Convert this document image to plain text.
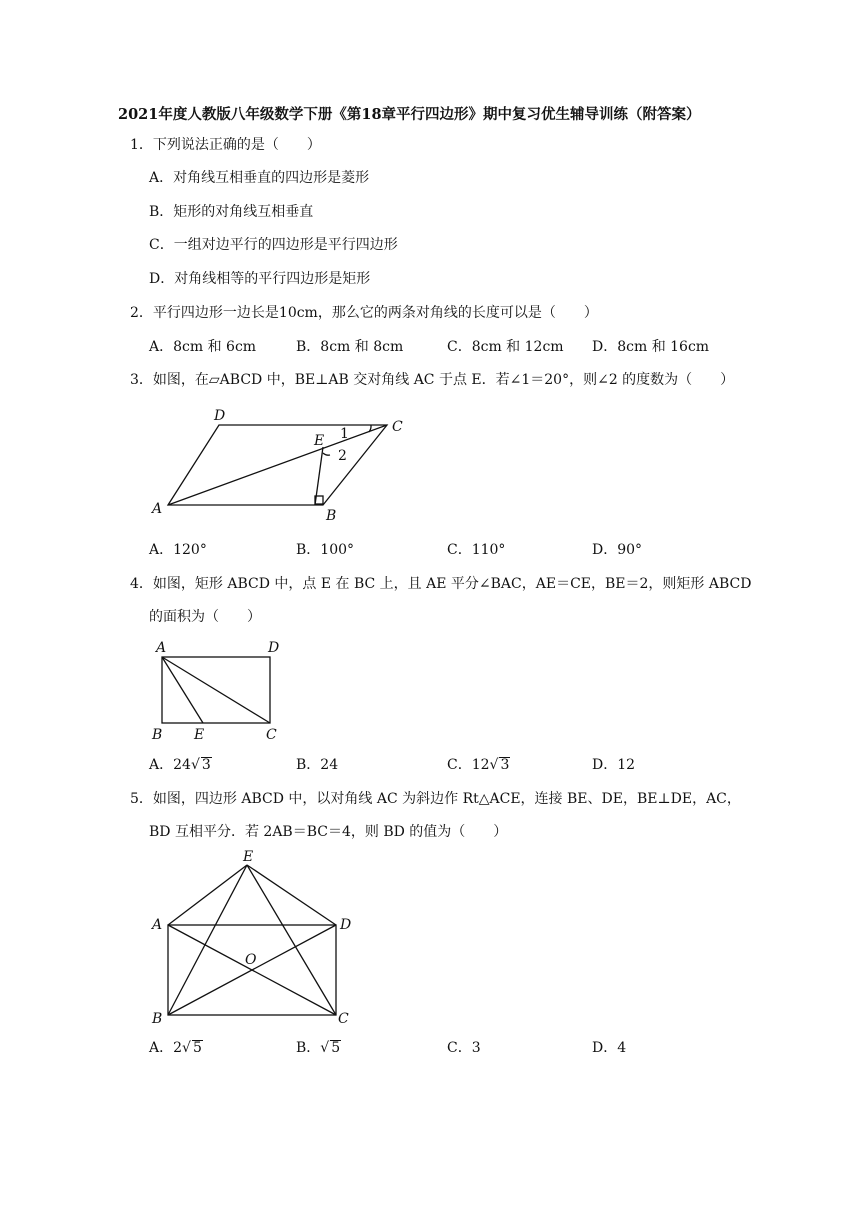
2021年度人教版八年级数学下册《第18章平行四边形》期中复习优生辅导训练（附答案）
1．下列说法正确的是（　　）
A．对角线互相垂直的四边形是菱形
B．矩形的对角线互相垂直
C．一组对边平行的四边形是平行四边形
D．对角线相等的平行四边形是矩形
2．平行四边形一边长是10cm，那么它的两条对角线的长度可以是（　　）
A．8cm 和 6cm	B．8cm 和 8cm	C．8cm 和 12cm D．8cm 和 16cm
3．如图，在▱ABCD 中，BE⊥AB 交对角线 AC 于点 E．若∠1＝20°，则∠2 的度数为（　　）
D
C
E 1
2
A	B
A．120°	B．100°	C．110°	D．90°
4．如图，矩形 ABCD 中，点 E 在 BC 上，且 AE 平分∠BAC，AE＝CE，BE＝2，则矩形 ABCD
的面积为（　　）
A	D
B E	C
A．24√ 3	B．24	C．12√ 3	D．12
5．如图，四边形 ABCD 中，以对角线 AC 为斜边作 Rt△ACE，连接 BE、DE，BE⊥DE，AC，
BD 互相平分．若 2AB＝BC＝4，则 BD 的值为（　　）
E
A	D
O
B	C
A．2√ 5	B．√ 5	C．3	D．4
